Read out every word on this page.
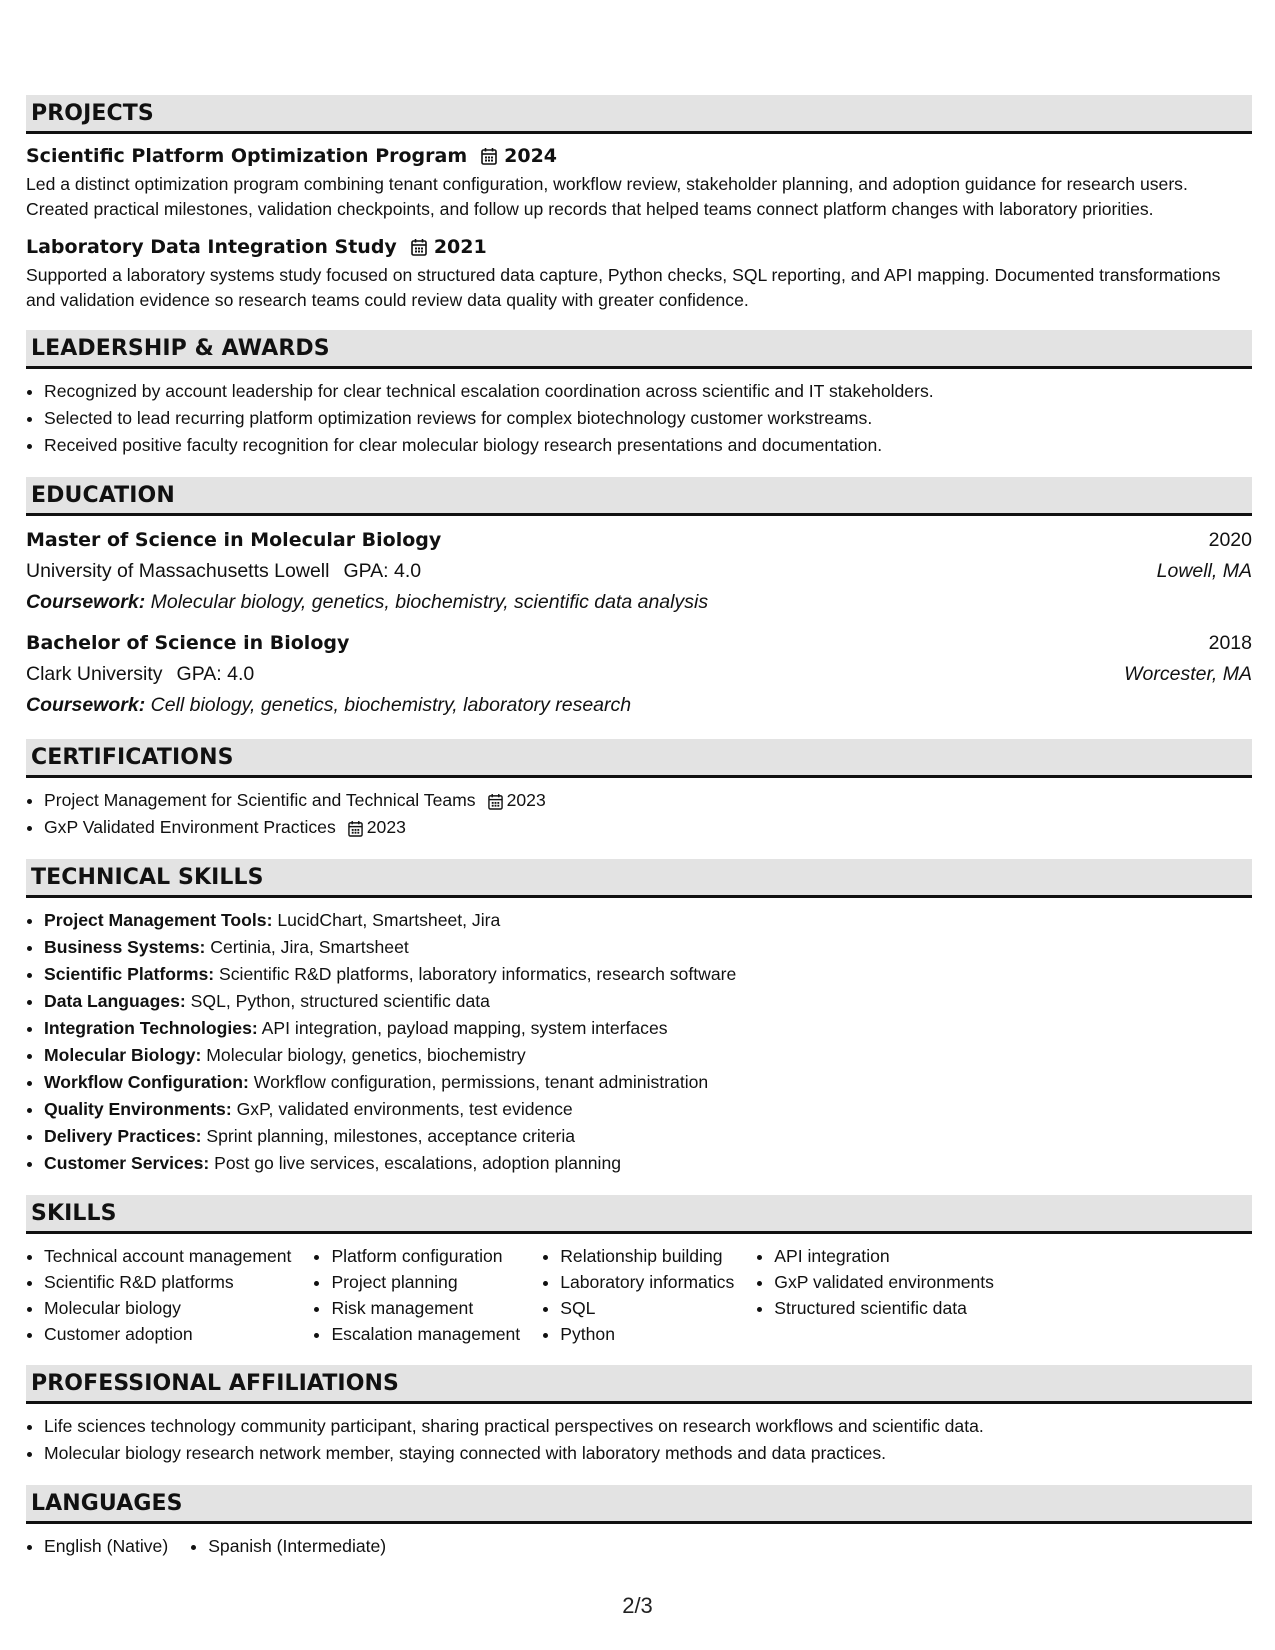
PROJECTS
Scientific Platform Optimization Program 2024
Led a distinct optimization program combining tenant configuration, workflow review, stakeholder planning, and adoption guidance for research users. Created practical milestones, validation checkpoints, and follow up records that helped teams connect platform changes with laboratory priorities.
Laboratory Data Integration Study 2021
Supported a laboratory systems study focused on structured data capture, Python checks, SQL reporting, and API mapping. Documented transformations and validation evidence so research teams could review data quality with greater confidence.
LEADERSHIP & AWARDS
• Recognized by account leadership for clear technical escalation coordination across scientific and IT stakeholders.
• Selected to lead recurring platform optimization reviews for complex biotechnology customer workstreams.
• Received positive faculty recognition for clear molecular biology research presentations and documentation.
EDUCATION
Master of Science in Molecular Biology	2020
University of Massachusetts Lowell GPA: 4.0	Lowell, MA
Coursework: Molecular biology, genetics, biochemistry, scientific data analysis
Bachelor of Science in Biology	2018
Clark University GPA: 4.0	Worcester, MA
Coursework: Cell biology, genetics, biochemistry, laboratory research
CERTIFICATIONS
• Project Management for Scientific and Technical Teams 2023
• GxP Validated Environment Practices 2023
TECHNICAL SKILLS
• Project Management Tools: LucidChart, Smartsheet, Jira
• Business Systems: Certinia, Jira, Smartsheet
• Scientific Platforms: Scientific R&D platforms, laboratory informatics, research software
• Data Languages: SQL, Python, structured scientific data
• Integration Technologies: API integration, payload mapping, system interfaces
• Molecular Biology: Molecular biology, genetics, biochemistry
• Workflow Configuration: Workflow configuration, permissions, tenant administration
• Quality Environments: GxP, validated environments, test evidence
• Delivery Practices: Sprint planning, milestones, acceptance criteria
• Customer Services: Post go live services, escalations, adoption planning
SKILLS
• Technical account management
• Scientific R&D platforms
• Molecular biology
• Customer adoption
• Platform configuration
• Project planning
• Risk management
• Escalation management
• Relationship building
• Laboratory informatics
• SQL
• Python
• API integration
• GxP validated environments
• Structured scientific data
PROFESSIONAL AFFILIATIONS
• Life sciences technology community participant, sharing practical perspectives on research workflows and scientific data.
• Molecular biology research network member, staying connected with laboratory methods and data practices.
LANGUAGES
• English (Native)
• Spanish (Intermediate)
2/3
